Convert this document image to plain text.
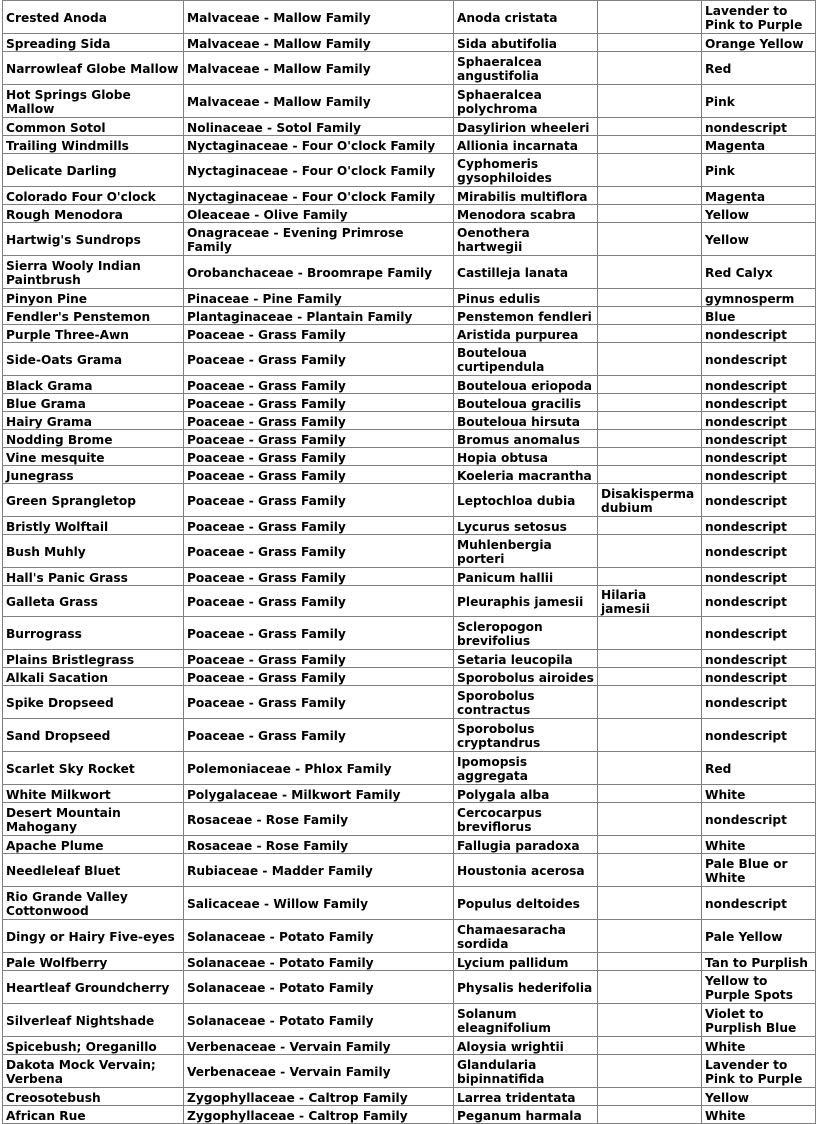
Crested Anoda	Malvaceae - Mallow Family	Anoda cristata		Lavender to Pink to Purple
Spreading Sida	Malvaceae - Mallow Family	Sida abutifolia		Orange Yellow
Narrowleaf Globe Mallow	Malvaceae - Mallow Family	Sphaeralcea angustifolia		Red
Hot Springs Globe Mallow	Malvaceae - Mallow Family	Sphaeralcea polychroma		Pink
Common Sotol	Nolinaceae - Sotol Family	Dasylirion wheeleri		nondescript
Trailing Windmills	Nyctaginaceae - Four O'clock Family	Allionia incarnata		Magenta
Delicate Darling	Nyctaginaceae - Four O'clock Family	Cyphomeris gysophiloides		Pink
Colorado Four O'clock	Nyctaginaceae - Four O'clock Family	Mirabilis multiflora		Magenta
Rough Menodora	Oleaceae - Olive Family	Menodora scabra		Yellow
Hartwig's Sundrops	Onagraceae - Evening Primrose Family	Oenothera hartwegii		Yellow
Sierra Wooly Indian Paintbrush	Orobanchaceae - Broomrape Family	Castilleja lanata		Red Calyx
Pinyon Pine	Pinaceae - Pine Family	Pinus edulis		gymnosperm
Fendler's Penstemon	Plantaginaceae - Plantain Family	Penstemon fendleri		Blue
Purple Three-Awn	Poaceae - Grass Family	Aristida purpurea		nondescript
Side-Oats Grama	Poaceae - Grass Family	Bouteloua curtipendula		nondescript
Black Grama	Poaceae - Grass Family	Bouteloua eriopoda		nondescript
Blue Grama	Poaceae - Grass Family	Bouteloua gracilis		nondescript
Hairy Grama	Poaceae - Grass Family	Bouteloua hirsuta		nondescript
Nodding Brome	Poaceae - Grass Family	Bromus anomalus		nondescript
Vine mesquite	Poaceae - Grass Family	Hopia obtusa		nondescript
Junegrass	Poaceae - Grass Family	Koeleria macrantha		nondescript
Green Sprangletop	Poaceae - Grass Family	Leptochloa dubia	Disakisperma dubium	nondescript
Bristly Wolftail	Poaceae - Grass Family	Lycurus setosus		nondescript
Bush Muhly	Poaceae - Grass Family	Muhlenbergia porteri		nondescript
Hall's Panic Grass	Poaceae - Grass Family	Panicum hallii		nondescript
Galleta Grass	Poaceae - Grass Family	Pleuraphis jamesii	Hilaria jamesii	nondescript
Burrograss	Poaceae - Grass Family	Scleropogon brevifolius		nondescript
Plains Bristlegrass	Poaceae - Grass Family	Setaria leucopila		nondescript
Alkali Sacation	Poaceae - Grass Family	Sporobolus airoides		nondescript
Spike Dropseed	Poaceae - Grass Family	Sporobolus contractus		nondescript
Sand Dropseed	Poaceae - Grass Family	Sporobolus cryptandrus		nondescript
Scarlet Sky Rocket	Polemoniaceae - Phlox Family	Ipomopsis aggregata		Red
White Milkwort	Polygalaceae - Milkwort Family	Polygala alba		White
Desert Mountain Mahogany	Rosaceae - Rose Family	Cercocarpus breviflorus		nondescript
Apache Plume	Rosaceae - Rose Family	Fallugia paradoxa		White
Needleleaf Bluet	Rubiaceae - Madder Family	Houstonia acerosa		Pale Blue or White
Rio Grande Valley Cottonwood	Salicaceae - Willow Family	Populus deltoides		nondescript
Dingy or Hairy Five-eyes	Solanaceae - Potato Family	Chamaesaracha sordida		Pale Yellow
Pale Wolfberry	Solanaceae - Potato Family	Lycium pallidum		Tan to Purplish
Heartleaf Groundcherry	Solanaceae - Potato Family	Physalis hederifolia		Yellow to Purple Spots
Silverleaf Nightshade	Solanaceae - Potato Family	Solanum eleagnifolium		Violet to Purplish Blue
Spicebush; Oreganillo	Verbenaceae - Vervain Family	Aloysia wrightii		White
Dakota Mock Vervain; Verbena	Verbenaceae - Vervain Family	Glandularia bipinnatifida		Lavender to Pink to Purple
Creosotebush	Zygophyllaceae - Caltrop Family	Larrea tridentata		Yellow
African Rue	Zygophyllaceae - Caltrop Family	Peganum harmala		White
